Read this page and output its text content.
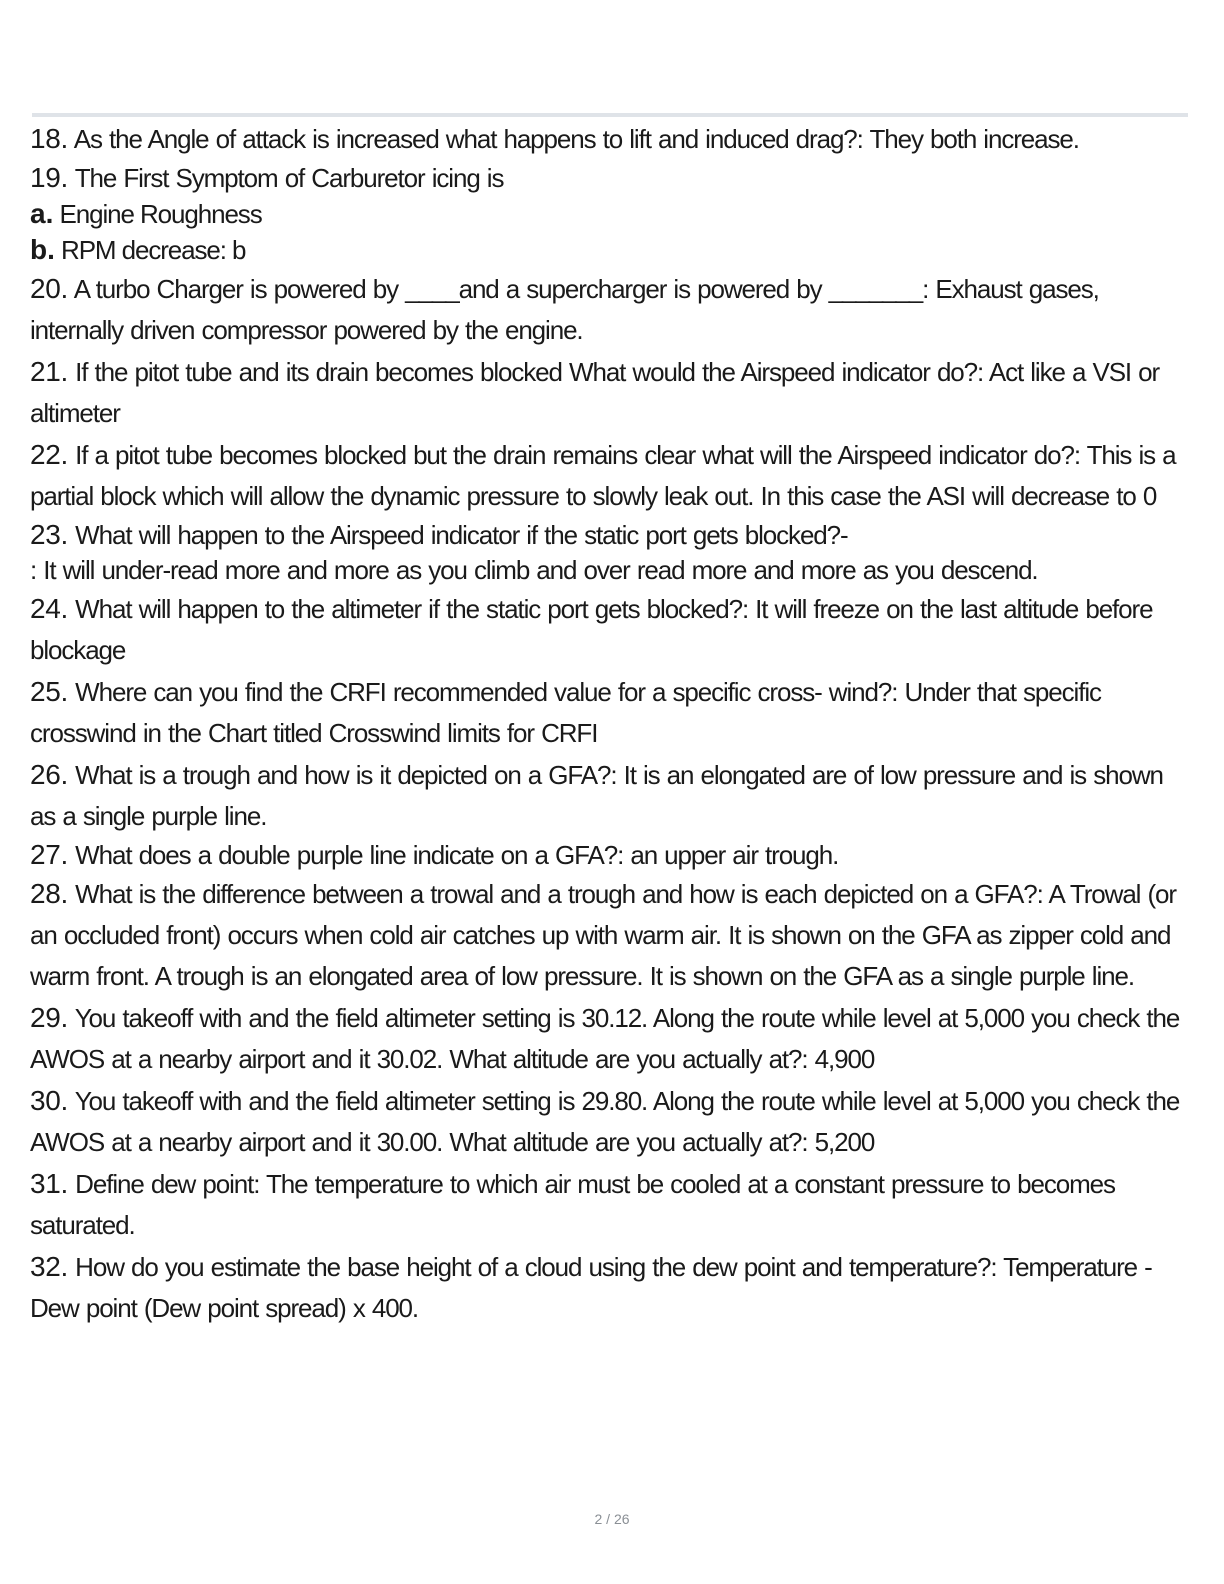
18. As the Angle of attack is increased what happens to lift and induced drag?: They both increase.
19. The First Symptom of Carburetor icing is
a. Engine Roughness
b. RPM decrease: b
20. A turbo Charger is powered by ____and a supercharger is powered by _______: Exhaust gases, internally driven compressor powered by the engine.
21. If the pitot tube and its drain becomes blocked What would the Airspeed indicator do?: Act like a VSI or altimeter
22. If a pitot tube becomes blocked but the drain remains clear what will the Airspeed indicator do?: This is a partial block which will allow the dynamic pressure to slowly leak out. In this case the ASI will decrease to 0
23. What will happen to the Airspeed indicator if the static port gets blocked?-
: It will under-read more and more as you climb and over read more and more as you descend.
24. What will happen to the altimeter if the static port gets blocked?: It will freeze on the last altitude before blockage
25. Where can you find the CRFI recommended value for a specific cross- wind?: Under that specific crosswind in the Chart titled Crosswind limits for CRFI
26. What is a trough and how is it depicted on a GFA?: It is an elongated are of low pressure and is shown as a single purple line.
27. What does a double purple line indicate on a GFA?: an upper air trough.
28. What is the difference between a trowal and a trough and how is each depicted on a GFA?: A Trowal (or an occluded front) occurs when cold air catches up with warm air. It is shown on the GFA as zipper cold and warm front. A trough is an elongated area of low pressure. It is shown on the GFA as a single purple line.
29. You takeoff with and the field altimeter setting is 30.12. Along the route while level at 5,000 you check the AWOS at a nearby airport and it 30.02. What altitude are you actually at?: 4,900
30. You takeoff with and the field altimeter setting is 29.80. Along the route while level at 5,000 you check the AWOS at a nearby airport and it 30.00. What altitude are you actually at?: 5,200
31. Define dew point: The temperature to which air must be cooled at a constant pressure to becomes saturated.
32. How do you estimate the base height of a cloud using the dew point and temperature?: Temperature - Dew point (Dew point spread) x 400.
2 / 26
